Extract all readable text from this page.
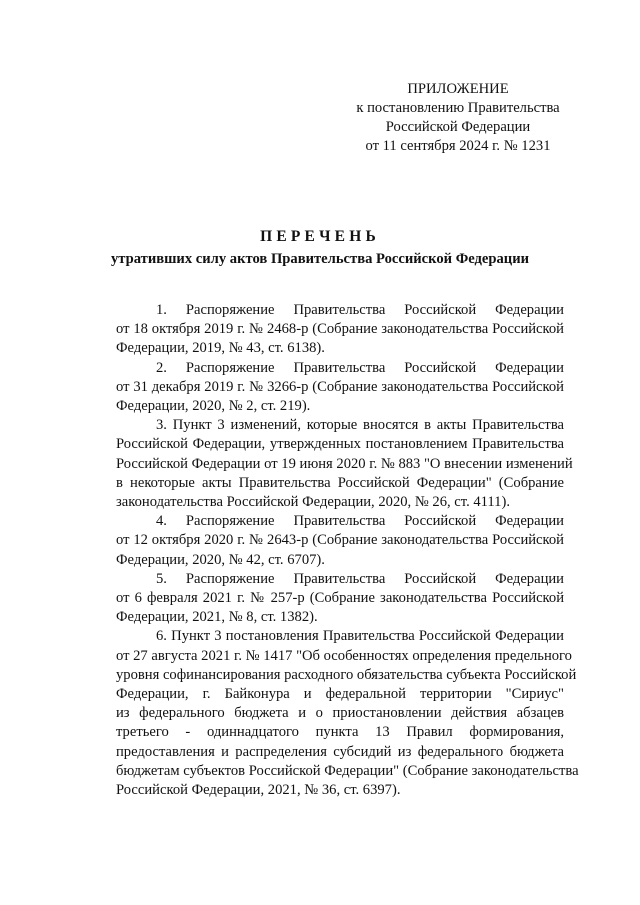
ПРИЛОЖЕНИЕ
к постановлению Правительства
Российской Федерации
от 11 сентября 2024 г. № 1231
ПЕРЕЧЕНЬ
утративших силу актов Правительства Российской Федерации
1. Распоряжение Правительства Российской Федерации
от 18 октября 2019 г. № 2468-р (Собрание законодательства Российской
Федерации, 2019, № 43, ст. 6138).
2. Распоряжение Правительства Российской Федерации
от 31 декабря 2019 г. № 3266-р (Собрание законодательства Российской
Федерации, 2020, № 2, ст. 219).
3. Пункт 3 изменений, которые вносятся в акты Правительства
Российской Федерации, утвержденных постановлением Правительства
Российской Федерации от 19 июня 2020 г. № 883 "О внесении изменений
в некоторые акты Правительства Российской Федерации" (Собрание
законодательства Российской Федерации, 2020, № 26, ст. 4111).
4. Распоряжение Правительства Российской Федерации
от 12 октября 2020 г. № 2643-р (Собрание законодательства Российской
Федерации, 2020, № 42, ст. 6707).
5. Распоряжение Правительства Российской Федерации
от 6 февраля 2021 г. № 257-р (Собрание законодательства Российской
Федерации, 2021, № 8, ст. 1382).
6. Пункт 3 постановления Правительства Российской Федерации
от 27 августа 2021 г. № 1417 "Об особенностях определения предельного
уровня софинансирования расходного обязательства субъекта Российской
Федерации, г. Байконура и федеральной территории "Сириус"
из федерального бюджета и о приостановлении действия абзацев
третьего - одиннадцатого пункта 13 Правил формирования,
предоставления и распределения субсидий из федерального бюджета
бюджетам субъектов Российской Федерации" (Собрание законодательства
Российской Федерации, 2021, № 36, ст. 6397).
